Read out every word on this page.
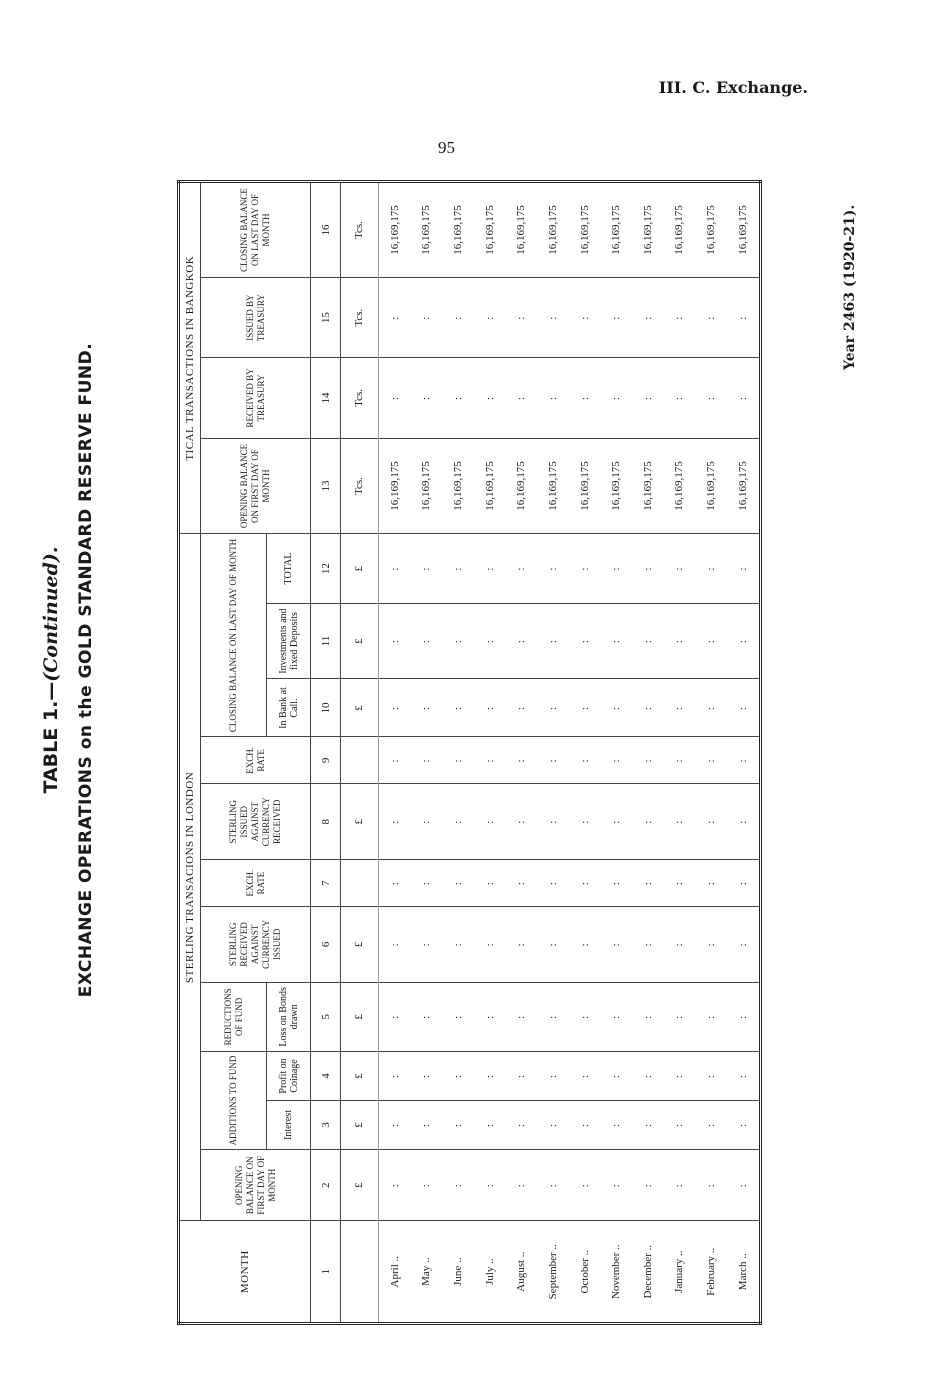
III. C. Exchange.
95
TABLE 1.—(Continued). EXCHANGE OPERATIONS on the GOLD STANDARD RESERVE FUND.
Year 2463 (1920-21).
MONTH	STERLING TRANSACIONS IN LONDON											TICAL TRANSACTIONS IN BANGKOK			
	OPENING BALANCE ON FIRST DAY OF MONTH	ADDITIONS TO FUND		REDUCTIONS OF FUND	STERLING RECEIVED AGAINST CURRENCY ISSUED	EXCH. RATE	STERLING ISSUED AGAINST CURRENCY RECEIVED	EXCH. RATE	CLOSING BALANCE ON LAST DAY OF MONTH			OPENING BALANCE ON FIRST DAY OF MONTH	RECEIVED BY TREASURY	ISSUED BY TREASURY	CLOSING BALANCE ON LAST DAY OF MONTH
		Interest	Profit on Coinage	Loss on Bonds drawn					In Bank at Call.	Investments and fixed Deposits	TOTAL				
1	2	3	4	5	6	7	8	9	10	11	12	13	14	15	16
	£	£	£	£	£		£		£	£	£	Tcs.	Tcs.	Tcs.	Tcs.
April ..	:	:	:	:	:	:	:	:	:	:	:	16,169,175	:	:	16,169,175
May ..	:	:	:	:	:	:	:	:	:	:	:	16,169,175	:	:	16,169,175
June ..	:	:	:	:	:	:	:	:	:	:	:	16,169,175	:	:	16,169,175
July ..	:	:	:	:	:	:	:	:	:	:	:	16,169,175	:	:	16,169,175
August ..	:	:	:	:	:	:	:	:	:	:	:	16,169,175	:	:	16,169,175
September ..	:	:	:	:	:	:	:	:	:	:	:	16,169,175	:	:	16,169,175
October ..	:	:	:	:	:	:	:	:	:	:	:	16,169,175	:	:	16,169,175
November ..	:	:	:	:	:	:	:	:	:	:	:	16,169,175	:	:	16,169,175
December ..	:	:	:	:	:	:	:	:	:	:	:	16,169,175	:	:	16,169,175
January ..	:	:	:	:	:	:	:	:	:	:	:	16,169,175	:	:	16,169,175
February ..	:	:	:	:	:	:	:	:	:	:	:	16,169,175	:	:	16,169,175
March ..	:	:	:	:	:	:	:	:	:	:	:	16,169,175	:	:	16,169,175
